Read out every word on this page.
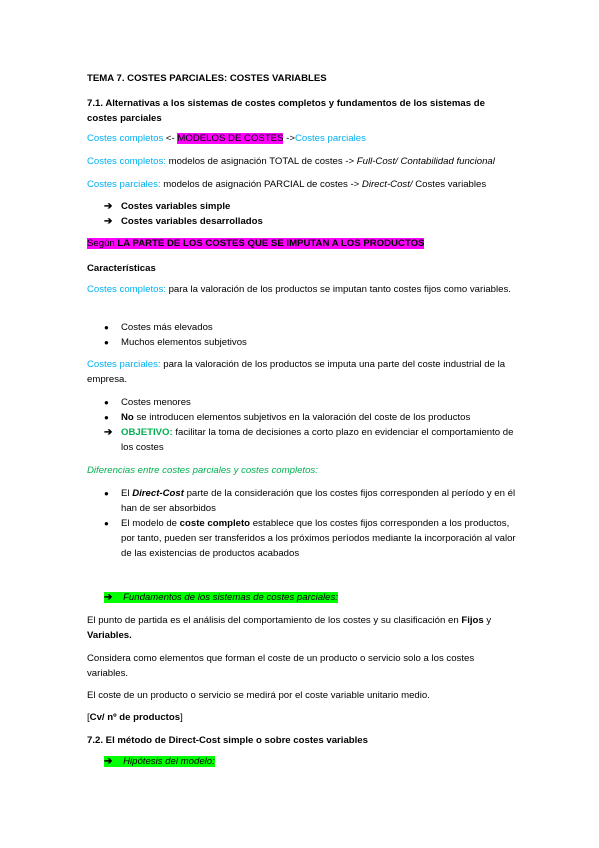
TEMA 7. COSTES PARCIALES: COSTES VARIABLES
7.1. Alternativas a los sistemas de costes completos y fundamentos de los sistemas de costes parciales
Costes completos <- MODELOS DE COSTES ->Costes parciales
Costes completos: modelos de asignación TOTAL de costes -> Full-Cost/ Contabilidad funcional
Costes parciales: modelos de asignación PARCIAL de costes -> Direct-Cost/ Costes variables
➔ Costes variables simple
➔ Costes variables desarrollados
Según LA PARTE DE LOS COSTES QUE SE IMPUTAN A LOS PRODUCTOS
Características
Costes completos: para la valoración de los productos se imputan tanto costes fijos como variables.
●	Costes más elevados
●	Muchos elementos subjetivos
Costes parciales: para la valoración de los productos se imputa una parte del coste industrial de la empresa.
●	Costes menores
●	No se introducen elementos subjetivos en la valoración del coste de los productos
➔ OBJETIVO: facilitar la toma de decisiones a corto plazo en evidenciar el comportamiento de los costes
Diferencias entre costes parciales y costes completos:
●	El Direct-Cost parte de la consideración que los costes fijos corresponden al período y en él han de ser absorbidos
●	El modelo de coste completo establece que los costes fijos corresponden a los productos, por tanto, pueden ser transferidos a los próximos períodos mediante la incorporación al valor de las existencias de productos acabados
➔ Fundamentos de los sistemas de costes parciales:
El punto de partida es el análisis del comportamiento de los costes y su clasificación en Fijos y Variables.
Considera como elementos que forman el coste de un producto o servicio solo a los costes variables.
El coste de un producto o servicio se medirá por el coste variable unitario medio.
[Cv/ nº de productos]
7.2. El método de Direct-Cost simple o sobre costes variables
➔ Hipótesis del modelo:
